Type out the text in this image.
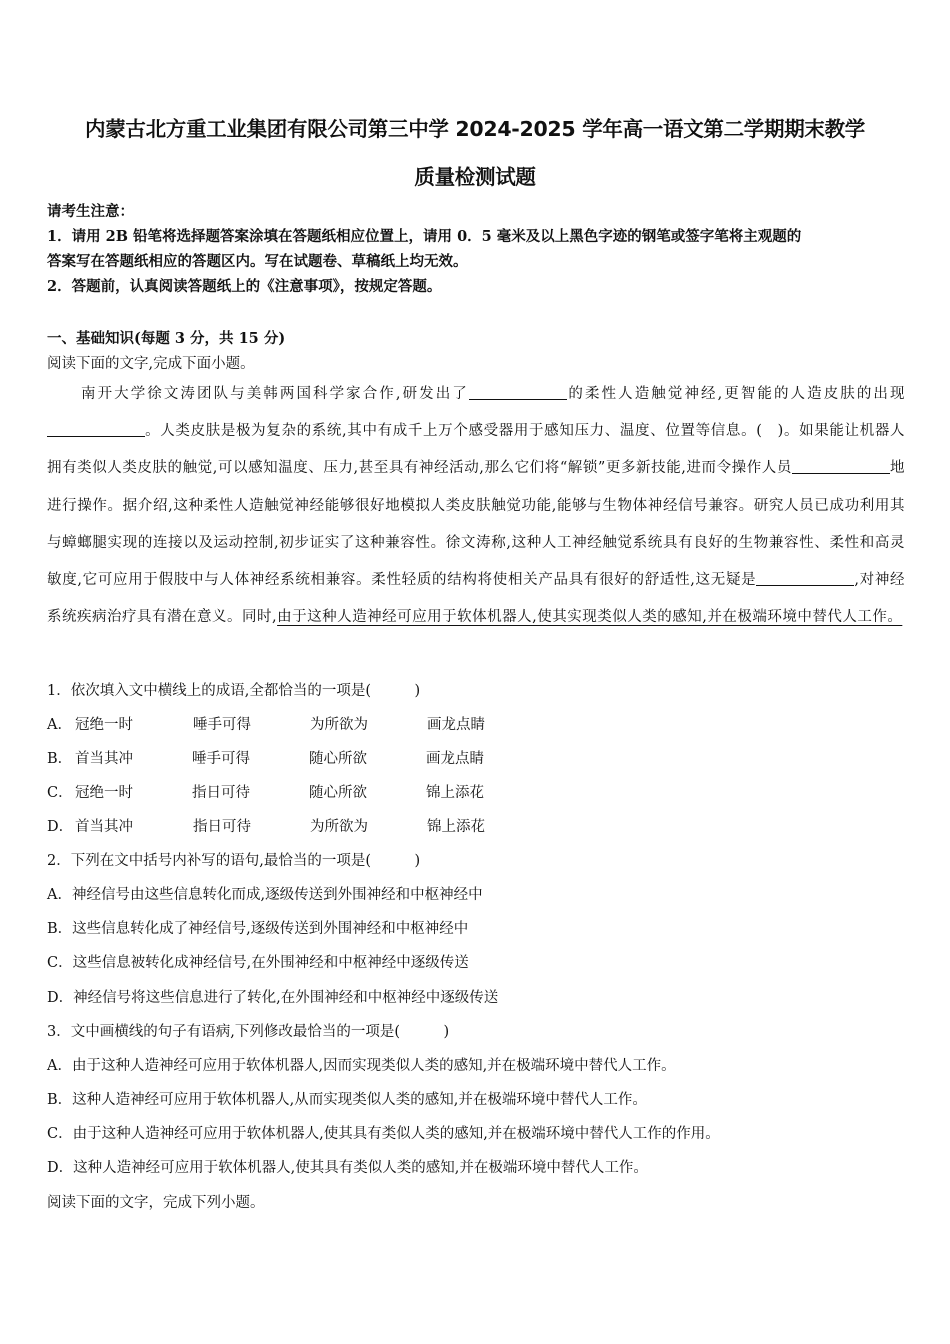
内蒙古北方重工业集团有限公司第三中学 2024-2025 学年高一语文第二学期期末教学
质量检测试题
请考生注意：
1．请用 2B 铅笔将选择题答案涂填在答题纸相应位置上，请用 0．5 毫米及以上黑色字迹的钢笔或签字笔将主观题的
答案写在答题纸相应的答题区内。写在试题卷、草稿纸上均无效。
2．答题前，认真阅读答题纸上的《注意事项》，按规定答题。
一、基础知识(每题 3 分，共 15 分)
阅读下面的文字,完成下面小题。
南开大学徐文涛团队与美韩两国科学家合作,研发出了	的柔性人造触觉神经,更智能的人造皮肤的出现。人类皮肤是极为复杂的系统,其中有成千上万个感受器用于感知压力、温度、位置等信息。(　)。如果能让机器人拥有类似人类皮肤的触觉,可以感知温度、压力,甚至具有神经活动,那么它们将“解锁”更多新技能,进而令操作人员	地进行操作。据介绍,这种柔性人造触觉神经能够很好地模拟人类皮肤触觉功能,能够与生物体神经信号兼容。研究人员已成功利用其与蟑螂腿实现的连接以及运动控制,初步证实了这种兼容性。徐文涛称,这种人工神经触觉系统具有良好的生物兼容性、柔性和高灵敏度,它可应用于假肢中与人体神经系统相兼容。柔性轻质的结构将使相关产品具有很好的舒适性,这无疑是	,对神经系统疾病治疗具有潜在意义。同时,由于这种人造神经可应用于软体机器人,使其实现类似人类的感知,并在极端环境中替代人工作。
1．依次填入文中横线上的成语,全都恰当的一项是(　　　)
A． 冠绝一时	唾手可得	为所欲为	画龙点睛
B． 首当其冲	唾手可得	随心所欲	画龙点睛
C． 冠绝一时	指日可待	随心所欲	锦上添花
D． 首当其冲	指日可待	为所欲为	锦上添花
2．下列在文中括号内补写的语句,最恰当的一项是(　　　)
A．神经信号由这些信息转化而成,逐级传送到外围神经和中枢神经中
B．这些信息转化成了神经信号,逐级传送到外围神经和中枢神经中
C．这些信息被转化成神经信号,在外围神经和中枢神经中逐级传送
D．神经信号将这些信息进行了转化,在外围神经和中枢神经中逐级传送
3．文中画横线的句子有语病,下列修改最恰当的一项是(　　　)
A．由于这种人造神经可应用于软体机器人,因而实现类似人类的感知,并在极端环境中替代人工作。
B．这种人造神经可应用于软体机器人,从而实现类似人类的感知,并在极端环境中替代人工作。
C．由于这种人造神经可应用于软体机器人,使其具有类似人类的感知,并在极端环境中替代人工作的作用。
D．这种人造神经可应用于软体机器人,使其具有类似人类的感知,并在极端环境中替代人工作。
阅读下面的文字，完成下列小题。
